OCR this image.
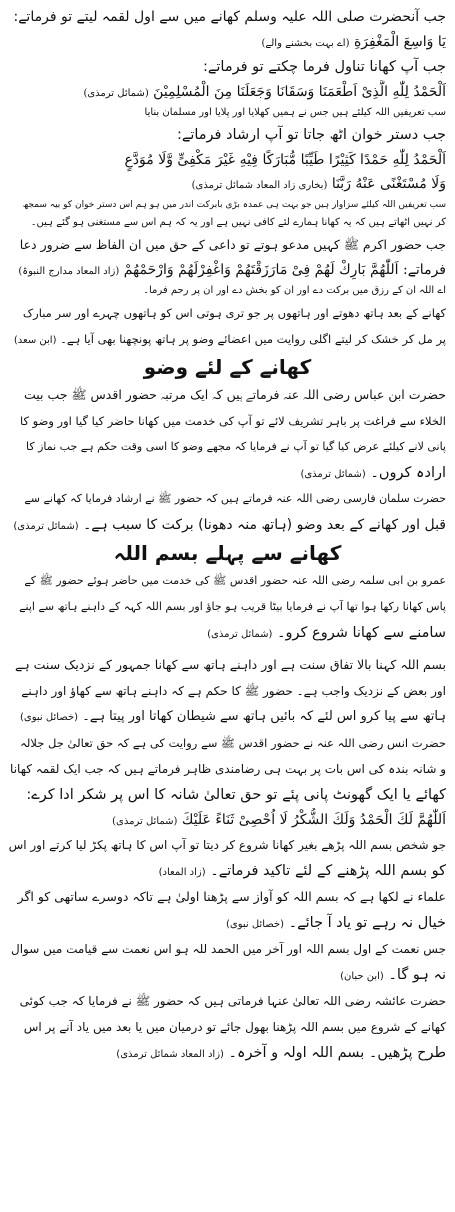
جب آنحضرت صلی اللہ علیہ وسلم کھانے میں سے اول لقمہ لیتے تو فرماتے:
يَا وَاسِعَ الْمَغْفِرَةِ (اے بہت بخشنے والے)
جب آپ کھانا تناول فرما چکتے تو فرماتے:
اَلْحَمْدُ لِلّٰهِ الَّذِیْ اَطْعَمَنَا وَسَقَانَا وَجَعَلَنَا مِنَ الْمُسْلِمِیْنَ (شمائل ترمذی)
سب تعریفیں اللہ کیلئے ہیں جس نے ہمیں کھلایا اور پلایا اور مسلمان بنایا
جب دستر خوان اٹھ جاتا تو آپ ارشاد فرماتے:
اَلْحَمْدُ لِلّٰهِ حَمْدًا كَثِیْرًا طَیِّبًا مُّبَارَكًا فِیْهِ غَیْرَ مَكْفِیٍّ وَّلَا مُوَدَّعٍ
وَلَا مُسْتَغْنًى عَنْهُ رَبَّنَا (بخاری زاد المعاد شمائل ترمذی)
سب تعریفیں اللہ کیلئے سزاوار ہیں جو بہت ہی عمدہ بڑی بابرکت اندر میں ہو ہم اس دستر خوان کو بیہ سمجھ
کر نہیں اٹھاتے ہیں کہ یہ کھانا ہمارے لئے کافی نہیں ہے اور یہ کہ ہم اس سے مستغنی ہو گئے ہیں۔
جب حضور اکرم ﷺ کہیں مدعو ہوتے تو داعی کے حق میں ان الفاظ سے ضرور دعا
فرماتے: اَللّٰهُمَّ بَارِكْ لَهُمْ فِیْ مَارَزَقْتَهُمْ وَاغْفِرْلَهُمْ وَارْحَمْهُمْ (زاد المعاد مدارج النبوۃ)
اے اللہ ان کے رزق میں برکت دے اور ان کو بخش دے اور ان پر رحم فرما۔
کھانے کے بعد ہاتھ دھوتے اور ہاتھوں پر جو تری ہوتی اس کو ہاتھوں چہرے اور سر مبارک
پر مل کر خشک کر لیتے اگلی روایت میں اعضائے وضو پر ہاتھ پونچھنا بھی آیا ہے۔ (ابن سعد)
کھانے کے لئے وضو
حضرت ابن عباس رضی اللہ عنہ فرماتے ہیں کہ ایک مرتبہ حضور اقدس ﷺ جب بیت
الخلاء سے فراغت پر باہر تشریف لائے تو آپ کی خدمت میں کھانا حاضر کیا گیا اور وضو کا
پانی لانے کیلئے عرض کیا گیا تو آپ نے فرمایا کہ مجھے وضو کا اسی وقت حکم ہے جب نماز کا
ارادہ کروں۔ (شمائل ترمذی)
حضرت سلمان فارسی رضی اللہ عنہ فرماتے ہیں کہ حضور ﷺ نے ارشاد فرمایا کہ کھانے سے
قبل اور کھانے کے بعد وضو (ہاتھ منہ دھونا) برکت کا سبب ہے۔ (شمائل ترمذی)
کھانے سے پہلے بسم اللہ
عمرو بن ابی سلمہ رضی اللہ عنہ حضور اقدس ﷺ کی خدمت میں حاضر ہوئے حضور ﷺ کے
پاس کھانا رکھا ہوا تھا آپ نے فرمایا بیٹا قریب ہو جاؤ اور بسم اللہ کہہ کے داہنے ہاتھ سے اپنے
سامنے سے کھانا شروع کرو۔ (شمائل ترمذی)
بسم اللہ کہنا بالا تفاق سنت ہے اور داہنے ہاتھ سے کھانا جمہور کے نزدیک سنت ہے
اور بعض کے نزدیک واجب ہے۔ حضور ﷺ کا حکم ہے کہ داہنے ہاتھ سے کھاؤ اور داہنے
ہاتھ سے پیا کرو اس لئے کہ بائیں ہاتھ سے شیطان کھاتا اور پیتا ہے۔ (خصائل نبوی)
حضرت انس رضی اللہ عنہ نے حضور اقدس ﷺ سے روایت کی ہے کہ حق تعالیٰ جل جلالہ
و شانہ بندہ کی اس بات پر بہت ہی رضامندی ظاہر فرماتے ہیں کہ جب ایک لقمہ کھانا
کھائے یا ایک گھونٹ پانی پئے تو حق تعالیٰ شانہ کا اس پر شکر ادا کرے:
اَللّٰهُمَّ لَكَ الْحَمْدُ وَلَكَ الشُّكْرُ لَا اُحْصِیْ ثَنَاءً عَلَیْكَ (شمائل ترمذی)
جو شخص بسم اللہ پڑھے بغیر کھانا شروع کر دیتا تو آپ اس کا ہاتھ پکڑ لیا کرتے اور اس
کو بسم اللہ پڑھنے کے لئے تاکید فرماتے۔ (زاد المعاد)
علماء نے لکھا ہے کہ بسم اللہ کو آواز سے پڑھنا اولیٰ ہے تاکہ دوسرے ساتھی کو اگر
خیال نہ رہے تو یاد آ جائے۔ (خصائل نبوی)
جس نعمت کے اول بسم اللہ اور آخر میں الحمد للہ ہو اس نعمت سے قیامت میں سوال
نہ ہو گا۔ (ابن حبان)
حضرت عائشہ رضی اللہ تعالیٰ عنہا فرماتی ہیں کہ حضور ﷺ نے فرمایا کہ جب کوئی
کھانے کے شروع میں بسم اللہ پڑھنا بھول جائے تو درمیان میں یا بعد میں یاد آنے پر اس
طرح پڑھیں۔ بسم اللہ اولہ و آخرہ۔ (زاد المعاد شمائل ترمذی)
